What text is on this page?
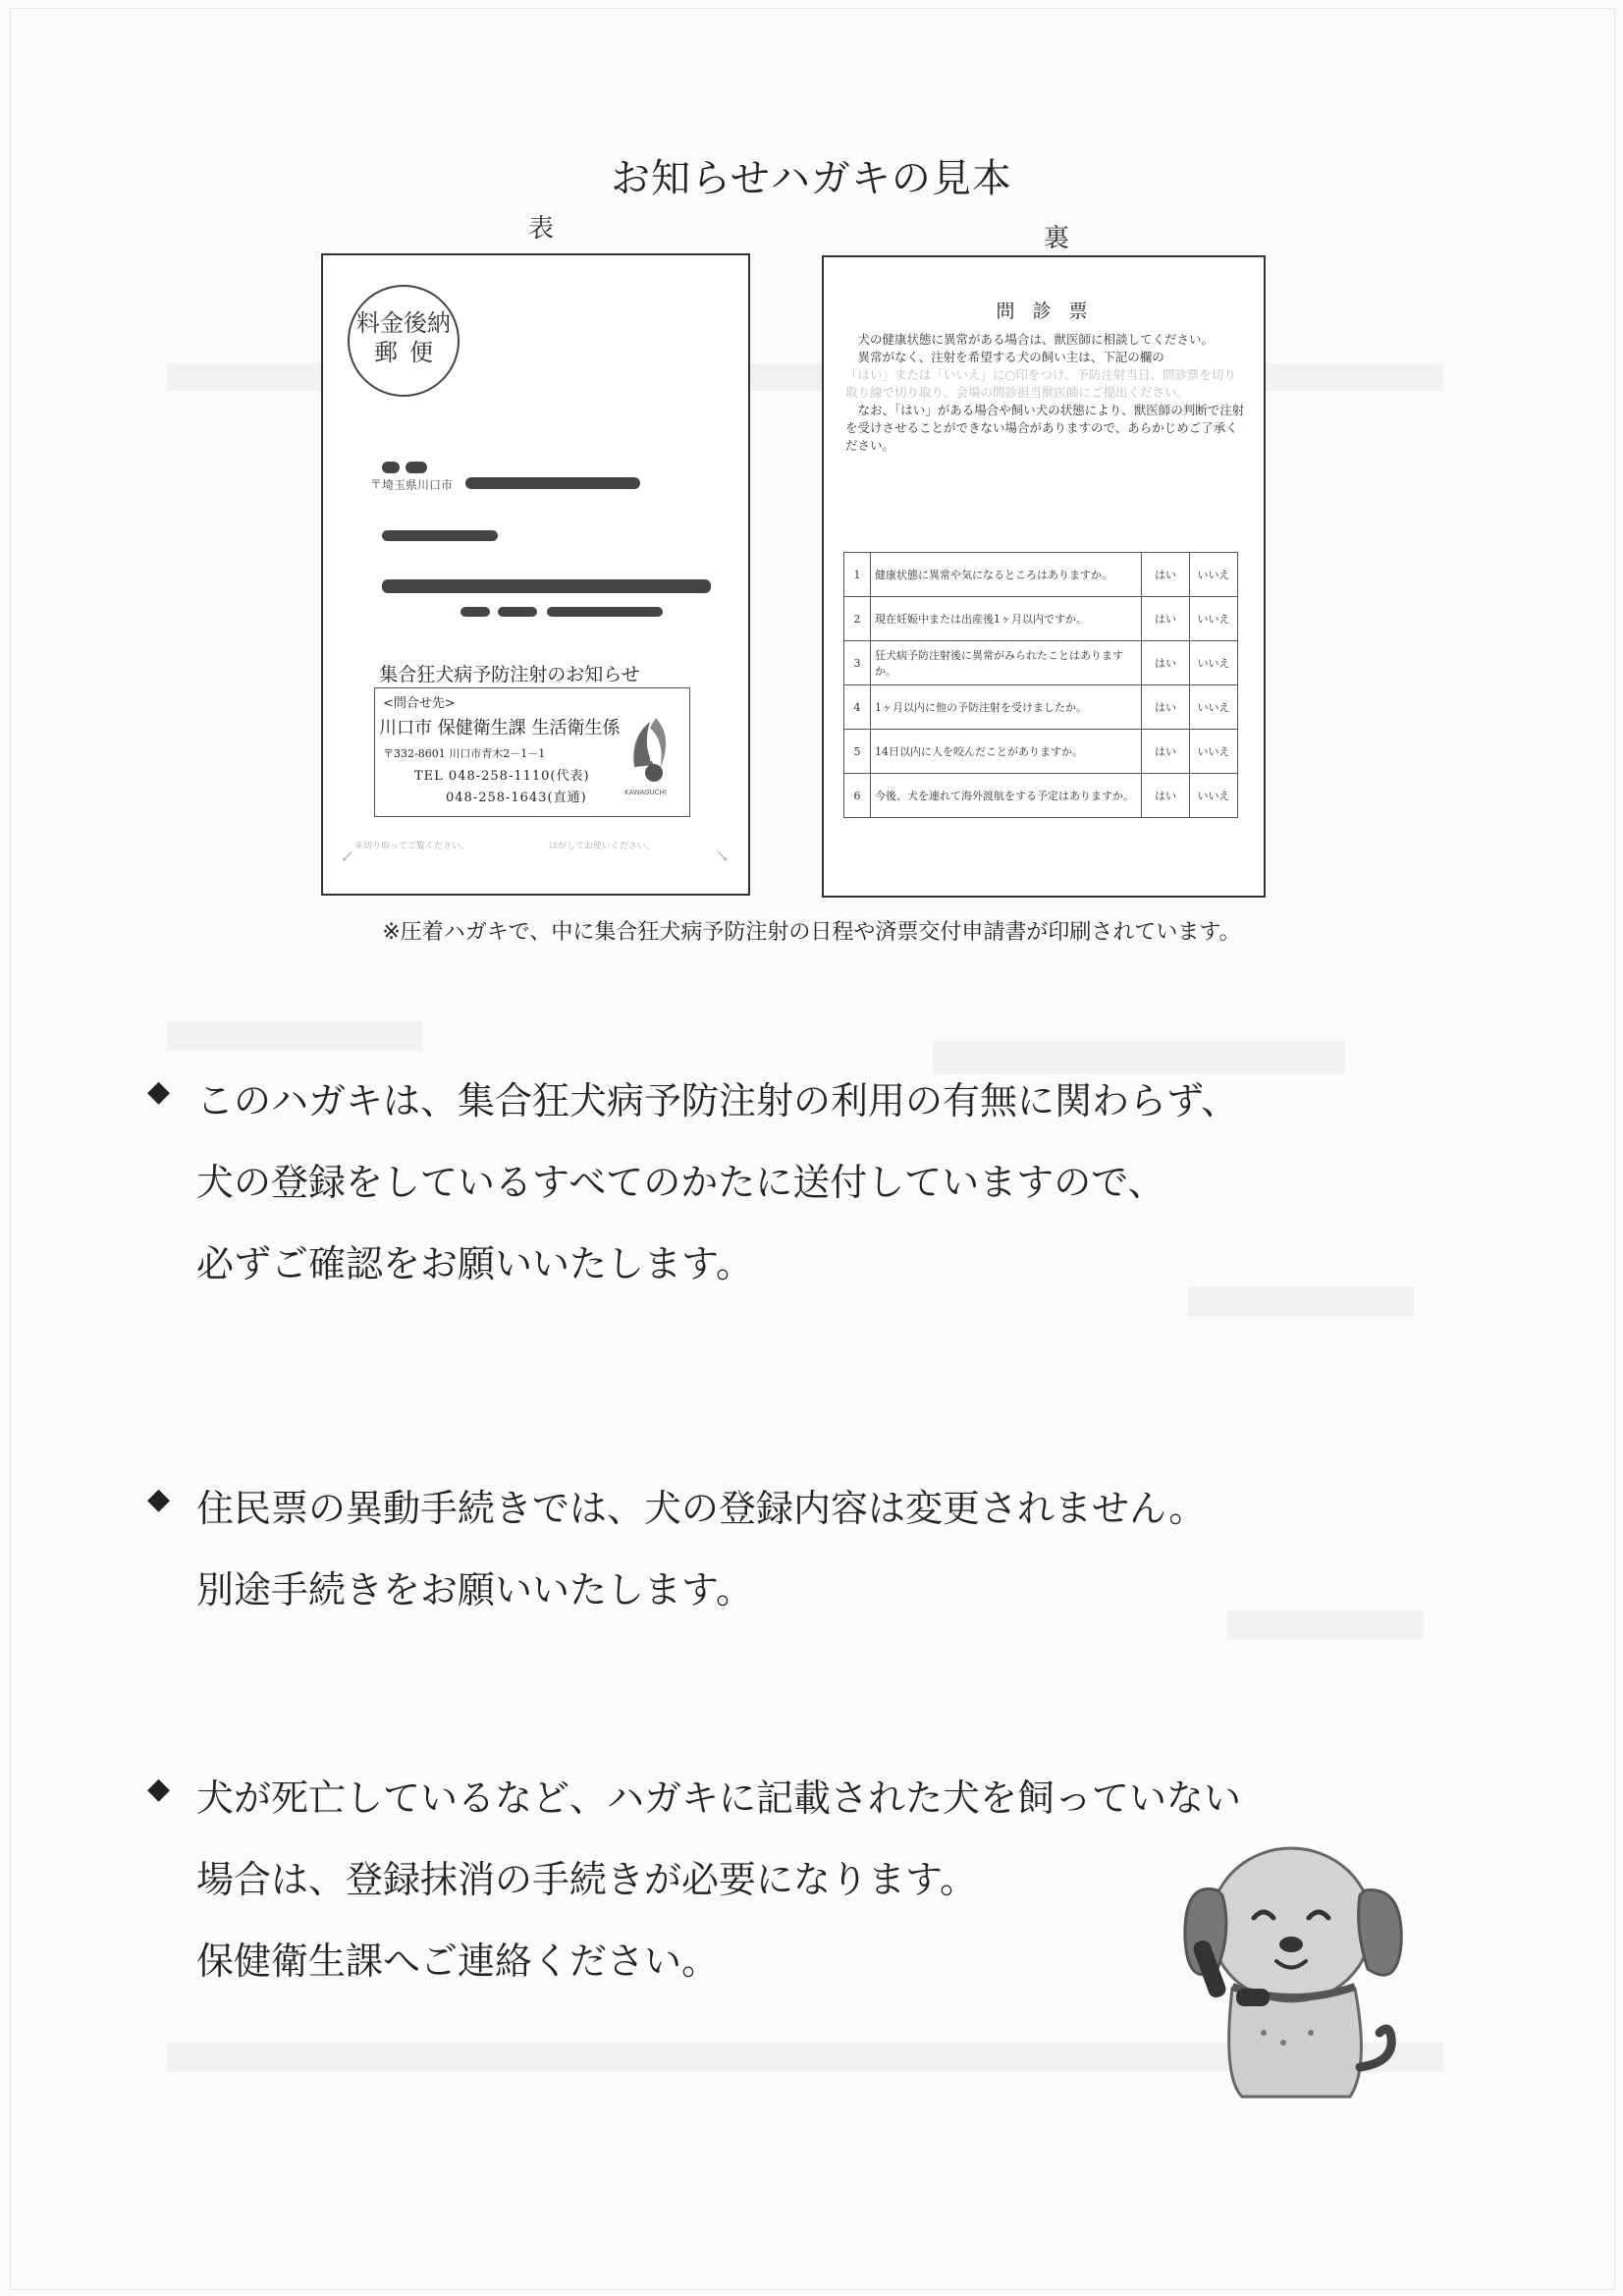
お知らせハガキの見本
表	裏
料金後納
郵便
〒 埼玉県川口市
集合狂犬病予防注射のお知らせ
<問合せ先>
川口市 保健衛生課 生活衛生係
〒332-8601 川口市青木2－1－1
TEL 048-258-1110(代表)
048-258-1643(直通)	KAWAGUCHI
※切り取ってご覧ください。	はがしてお使いください。
↙	↘
問 診 票
犬の健康状態に異常がある場合は、獣医師に相談してください。
異常がなく、注射を希望する犬の飼い主は、下記の欄の
「はい」または「いいえ」に○印をつけ、予防注射当日、問診票を切り取り線で切り取り、会場の問診担当獣医師にご提出ください。
なお、「はい」がある場合や飼い犬の状態により、獣医師の判断で注射を受けさせることができない場合がありますので、あらかじめご了承ください。
1	健康状態に異常や気になるところはありますか。	はい	いいえ
2	現在妊娠中または出産後1ヶ月以内ですか。	はい	いいえ
3	狂犬病予防注射後に異常がみられたことはありますか。	はい	いいえ
4	1ヶ月以内に他の予防注射を受けましたか。	はい	いいえ
5	14日以内に人を咬んだことがありますか。	はい	いいえ
6	今後、犬を連れて海外渡航をする予定はありますか。	はい	いいえ
※圧着ハガキで、中に集合狂犬病予防注射の日程や済票交付申請書が印刷されています。
◆ このハガキは、集合狂犬病予防注射の利用の有無に関わらず、
犬の登録をしているすべてのかたに送付していますので、
必ずご確認をお願いいたします。
◆ 住民票の異動手続きでは、犬の登録内容は変更されません。
別途手続きをお願いいたします。
◆ 犬が死亡しているなど、ハガキに記載された犬を飼っていない
場合は、登録抹消の手続きが必要になります。
保健衛生課へご連絡ください。
